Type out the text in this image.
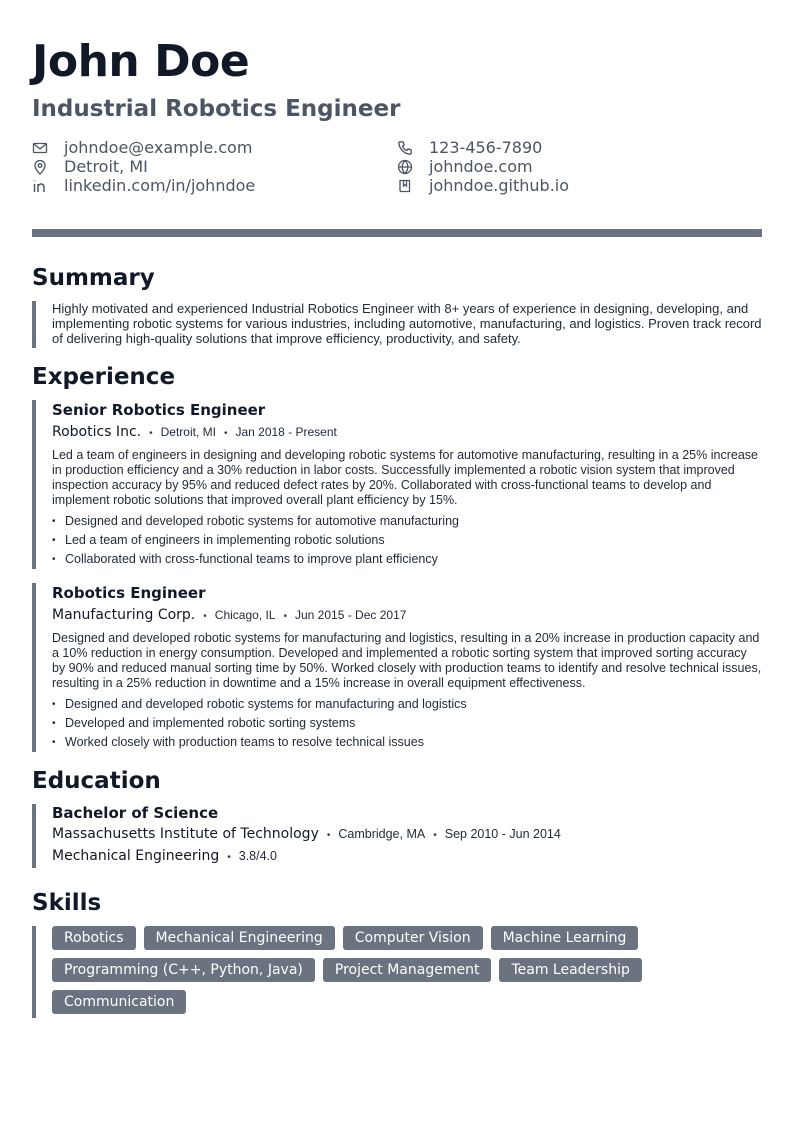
John Doe
Industrial Robotics Engineer
johndoe@example.com	123-456-7890
Detroit, MI	johndoe.com
linkedin.com/in/johndoe	johndoe.github.io
Summary

Highly motivated and experienced Industrial Robotics Engineer with 8+ years of experience in designing, developing, and implementing robotic systems for various industries, including automotive, manufacturing, and logistics. Proven track record of delivering high-quality solutions that improve efficiency, productivity, and safety.

Experience

Senior Robotics Engineer

Robotics Inc. • Detroit, MI • Jan 2018 - Present

Led a team of engineers in designing and developing robotic systems for automotive manufacturing, resulting in a 25% increase in production efficiency and a 30% reduction in labor costs. Successfully implemented a robotic vision system that improved inspection accuracy by 95% and reduced defect rates by 20%. Collaborated with cross-functional teams to develop and implement robotic solutions that improved overall plant efficiency by 15%.

• Designed and developed robotic systems for automotive manufacturing
• Led a team of engineers in implementing robotic solutions
• Collaborated with cross-functional teams to improve plant efficiency

Robotics Engineer

Manufacturing Corp. • Chicago, IL • Jun 2015 - Dec 2017

Designed and developed robotic systems for manufacturing and logistics, resulting in a 20% increase in production capacity and a 10% reduction in energy consumption. Developed and implemented a robotic sorting system that improved sorting accuracy by 90% and reduced manual sorting time by 50%. Worked closely with production teams to identify and resolve technical issues, resulting in a 25% reduction in downtime and a 15% increase in overall equipment effectiveness.

• Designed and developed robotic systems for manufacturing and logistics
• Developed and implemented robotic sorting systems
• Worked closely with production teams to resolve technical issues
Education

Bachelor of Science

Massachusetts Institute of Technology • Cambridge, MA • Sep 2010 - Jun 2014
Mechanical Engineering • 3.8/4.0
Skills
Robotics	Mechanical Engineering	Computer Vision	Machine Learning
Programming (C++, Python, Java)	Project Management	Team Leadership
Communication
